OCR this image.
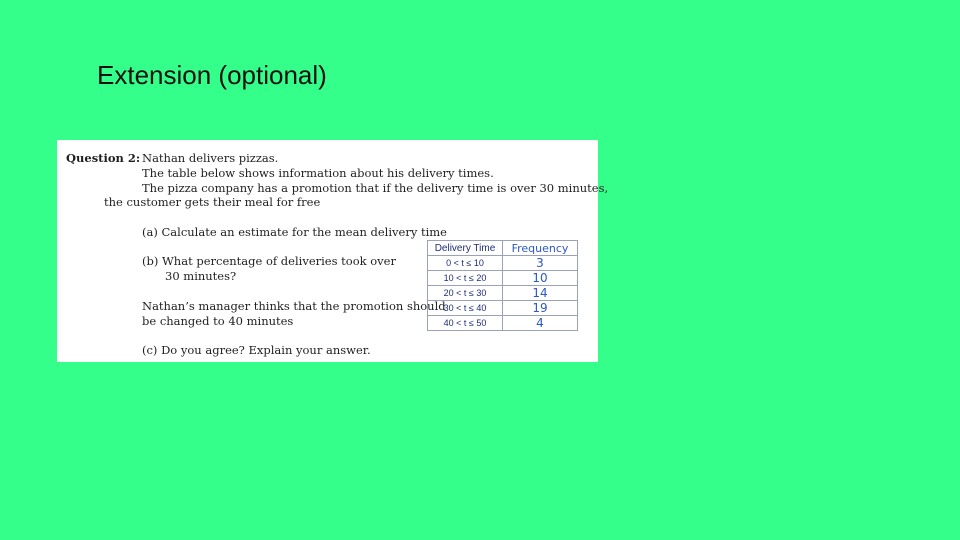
Extension (optional)
Question 2: Nathan delivers pizzas.
The table below shows information about his delivery times.
The pizza company has a promotion that if the delivery time is over 30 minutes,
the customer gets their meal for free
(a) Calculate an estimate for the mean delivery time
(b) What percentage of deliveries took over
30 minutes?
Nathan’s manager thinks that the promotion should
be changed to 40 minutes
(c) Do you agree? Explain your answer.
Delivery Time	Frequency
0 < t ≤ 10	3
10 < t ≤ 20	10
20 < t ≤ 30	14
30 < t ≤ 40	19
40 < t ≤ 50	4
